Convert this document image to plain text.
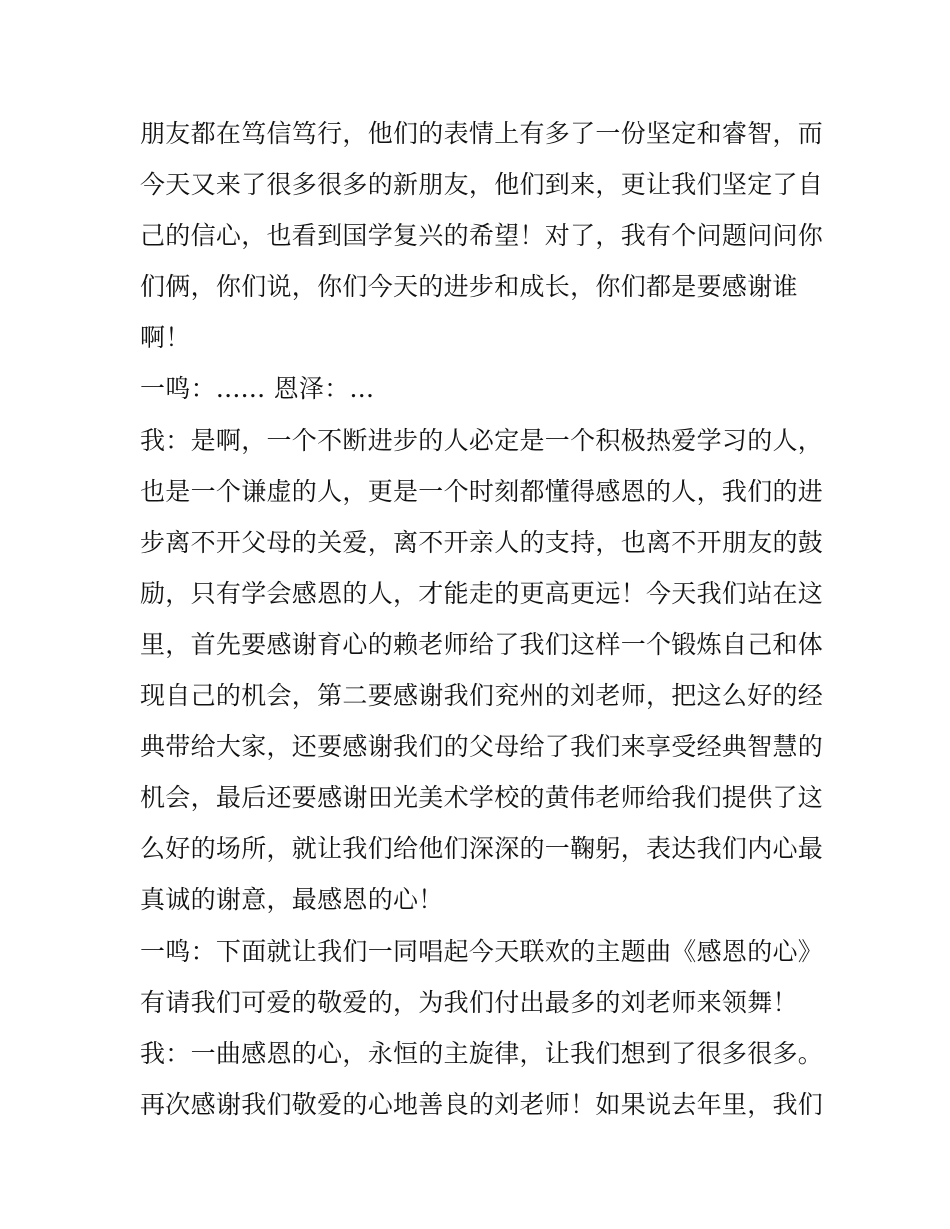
朋友都在笃信笃行，他们的表情上有多了一份坚定和睿智，而
今天又来了很多很多的新朋友，他们到来，更让我们坚定了自
己的信心，也看到国学复兴的希望！对了，我有个问题问问你
们俩，你们说，你们今天的进步和成长，你们都是要感谢谁
啊！
一鸣：...... 恩泽：...
我：是啊，一个不断进步的人必定是一个积极热爱学习的人，
也是一个谦虚的人，更是一个时刻都懂得感恩的人，我们的进
步离不开父母的关爱，离不开亲人的支持，也离不开朋友的鼓
励，只有学会感恩的人，才能走的更高更远！今天我们站在这
里，首先要感谢育心的赖老师给了我们这样一个锻炼自己和体
现自己的机会，第二要感谢我们兖州的刘老师，把这么好的经
典带给大家，还要感谢我们的父母给了我们来享受经典智慧的
机会，最后还要感谢田光美术学校的黄伟老师给我们提供了这
么好的场所，就让我们给他们深深的一鞠躬，表达我们内心最
真诚的谢意，最感恩的心！
一鸣：下面就让我们一同唱起今天联欢的主题曲《感恩的心》
有请我们可爱的敬爱的，为我们付出最多的刘老师来领舞！
我：一曲感恩的心，永恒的主旋律，让我们想到了很多很多。
再次感谢我们敬爱的心地善良的刘老师！如果说去年里，我们
